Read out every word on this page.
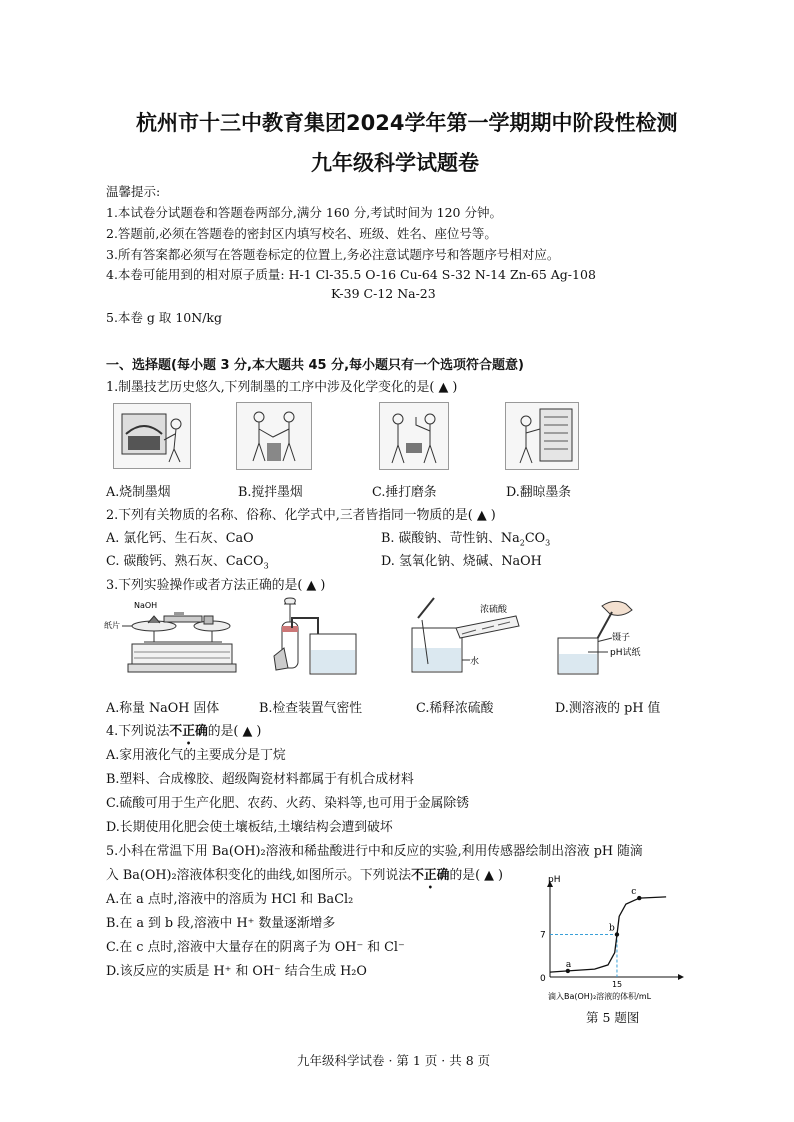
杭州市十三中教育集团2024学年第一学期期中阶段性检测
九年级科学试题卷
温馨提示:
1.本试卷分试题卷和答题卷两部分,满分 160 分,考试时间为 120 分钟。
2.答题前,必须在答题卷的密封区内填写校名、班级、姓名、座位号等。
3.所有答案都必须写在答题卷标定的位置上,务必注意试题序号和答题序号相对应。
4.本卷可能用到的相对原子质量: H-1 Cl-35.5 O-16 Cu-64 S-32 N-14 Zn-65 Ag-108
K-39 C-12 Na-23
5.本卷 g 取 10N/kg
一、选择题(每小题 3 分,本大题共 45 分,每小题只有一个选项符合题意)
1.制墨技艺历史悠久,下列制墨的工序中涉及化学变化的是( ▲ )
A.烧制墨烟	B.搅拌墨烟	C.捶打磨条	D.翻晾墨条
2.下列有关物质的名称、俗称、化学式中,三者皆指同一物质的是( ▲ )
A. 氯化钙、生石灰、CaO	B. 碳酸钠、苛性钠、$Na_2CO_3$
C. 碳酸钙、熟石灰、CaCO$_3$	D. 氢氧化钠、烧碱、NaOH
3.下列实验操作或者方法正确的是( ▲ )
NaOH
纸片
浓硫酸
水
镊子
pH试纸
A.称量 NaOH 固体	B.检查装置气密性	C.稀释浓硫酸	D.测溶液的 pH 值
4.下列说法不正确的是( ▲ )
A.家用液化气的主要成分是丁烷
B.塑料、合成橡胶、超级陶瓷材料都属于有机合成材料
C.硫酸可用于生产化肥、农药、火药、染料等,也可用于金属除锈
D.长期使用化肥会使土壤板结,土壤结构会遭到破坏
5.小科在常温下用 Ba(OH)₂溶液和稀盐酸进行中和反应的实验,利用传感器绘制出溶液 pH 随滴
入 Ba(OH)₂溶液体积变化的曲线,如图所示。下列说法不正确的是( ▲ )
A.在 a 点时,溶液中的溶质为 HCl 和 BaCl₂
B.在 a 到 b 段,溶液中 H⁺ 数量逐渐增多
C.在 c 点时,溶液中大量存在的阴离子为 OH⁻ 和 Cl⁻
D.该反应的实质是 H⁺ 和 OH⁻ 结合生成 H₂O
pH
0
7
15
a
b
c
滴入Ba(OH)₂溶液的体积/mL
第 5 题图
九年级科学试卷 · 第 1 页 · 共 8 页
